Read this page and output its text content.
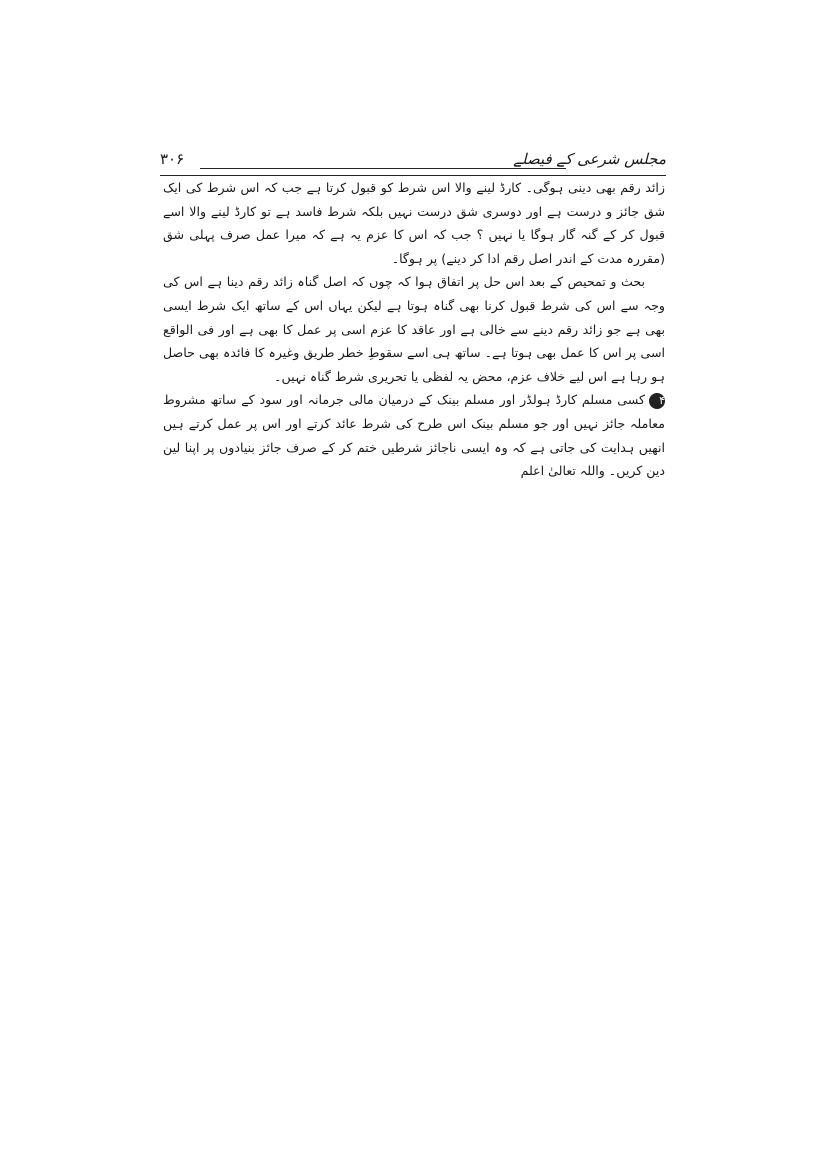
مجلس شرعی کے فیصلے
۳۰۶

زائد رقم بھی دینی ہوگی۔ کارڈ لینے والا اس شرط کو قبول کرتا ہے جب کہ اس شرط کی ایک شق جائز و درست ہے اور دوسری شق درست نہیں بلکہ شرط فاسد ہے تو کارڈ لینے والا اسے قبول کر کے گنہ گار ہوگا یا نہیں ؟ جب کہ اس کا عزم یہ ہے کہ میرا عمل صرف پہلی شق (مقررہ مدت کے اندر اصل رقم ادا کر دینے) پر ہوگا۔

بحث و تمحیص کے بعد اس حل پر اتفاق ہوا کہ چوں کہ اصل گناہ زائد رقم دینا ہے اس کی وجہ سے اس کی شرط قبول کرنا بھی گناہ ہوتا ہے لیکن یہاں اس کے ساتھ ایک شرط ایسی بھی ہے جو زائد رقم دینے سے خالی ہے اور عاقد کا عزم اسی پر عمل کا بھی ہے اور فی الواقع اسی پر اس کا عمل بھی ہوتا ہے۔ ساتھ ہی اسے سقوطِ خطر طریق وغیرہ کا فائدہ بھی حاصل ہو رہا ہے اس لیے خلاف عزم، محض یہ لفظی یا تحریری شرط گناہ نہیں۔

۴کسی مسلم کارڈ ہولڈر اور مسلم بینک کے درمیان مالی جرمانہ اور سود کے ساتھ مشروط معاملہ جائز نہیں اور جو مسلم بینک اس طرح کی شرط عائد کرتے اور اس پر عمل کرتے ہیں انھیں ہدایت کی جاتی ہے کہ وہ ایسی ناجائز شرطیں ختم کر کے صرف جائز بنیادوں پر اپنا لین دین کریں۔ واللہ تعالیٰ اعلم
